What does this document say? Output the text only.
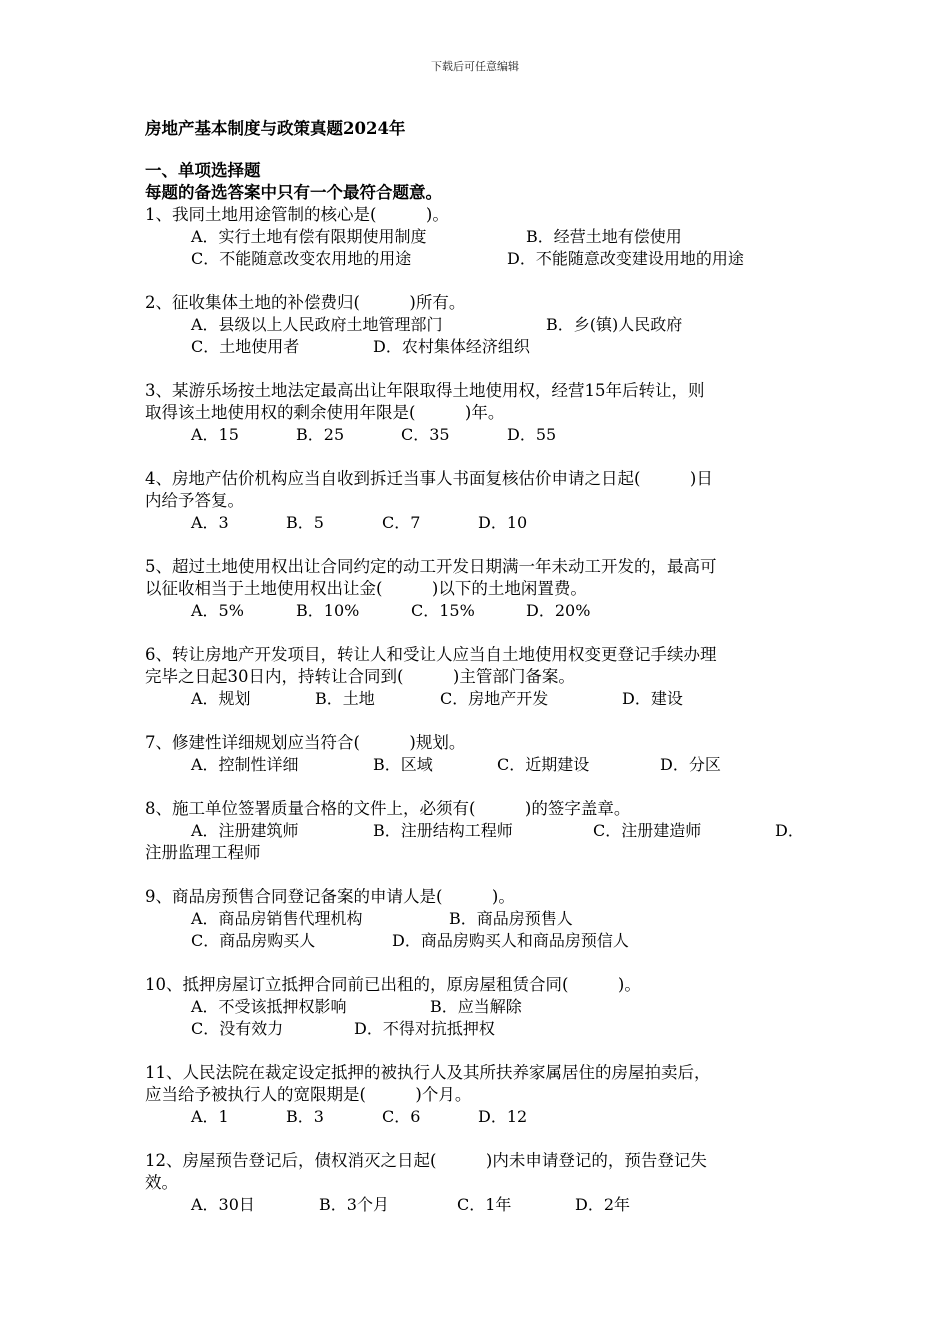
下载后可任意编辑
房地产基本制度与政策真题2024年
一、单项选择题
每题的备选答案中只有一个最符合题意。
1、我同土地用途管制的核心是(　　　)。
A．实行土地有偿有限期使用制度	B．经营土地有偿使用
C．不能随意改变农用地的用途	D．不能随意改变建设用地的用途
2、征收集体土地的补偿费归(　　　)所有。
A．县级以上人民政府土地管理部门	B．乡(镇)人民政府
C．土地使用者	D．农村集体经济组织
3、某游乐场按土地法定最高出让年限取得土地使用权，经营15年后转让，则
取得该土地使用权的剩余使用年限是(　　　)年。
A．15	B．25	C．35	D．55
4、房地产估价机构应当自收到拆迁当事人书面复核估价申请之日起(　　　)日
内给予答复。
A．3	B．5	C．7	D．10
5、超过土地使用权出让合同约定的动工开发日期满一年未动工开发的，最高可
以征收相当于土地使用权出让金(　　　)以下的土地闲置费。
A．5%	B．10%	C．15%	D．20%
6、转让房地产开发项目，转让人和受让人应当自土地使用权变更登记手续办理
完毕之日起30日内，持转让合同到(　　　)主管部门备案。
A．规划	B．土地	C．房地产开发	D．建设
7、修建性详细规划应当符合(　　　)规划。
A．控制性详细	B．区域	C．近期建设	D．分区
8、施工单位签署质量合格的文件上，必须有(　　　)的签字盖章。
A．注册建筑师	B．注册结构工程师	C．注册建造师	D．
注册监理工程师
9、商品房预售合同登记备案的申请人是(　　　)。
A．商品房销售代理机构	B．商品房预售人
C．商品房购买人	D．商品房购买人和商品房预信人
10、抵押房屋订立抵押合同前已出租的，原房屋租赁合同(　　　)。
A．不受该抵押权影响	B．应当解除
C．没有效力	D．不得对抗抵押权
11、人民法院在裁定设定抵押的被执行人及其所扶养家属居住的房屋拍卖后，
应当给予被执行人的宽限期是(　　　)个月。
A．1	B．3	C．6	D．12
12、房屋预告登记后，债权消灭之日起(　　　)内未申请登记的，预告登记失
效。
A．30日	B．3个月	C．1年	D．2年
